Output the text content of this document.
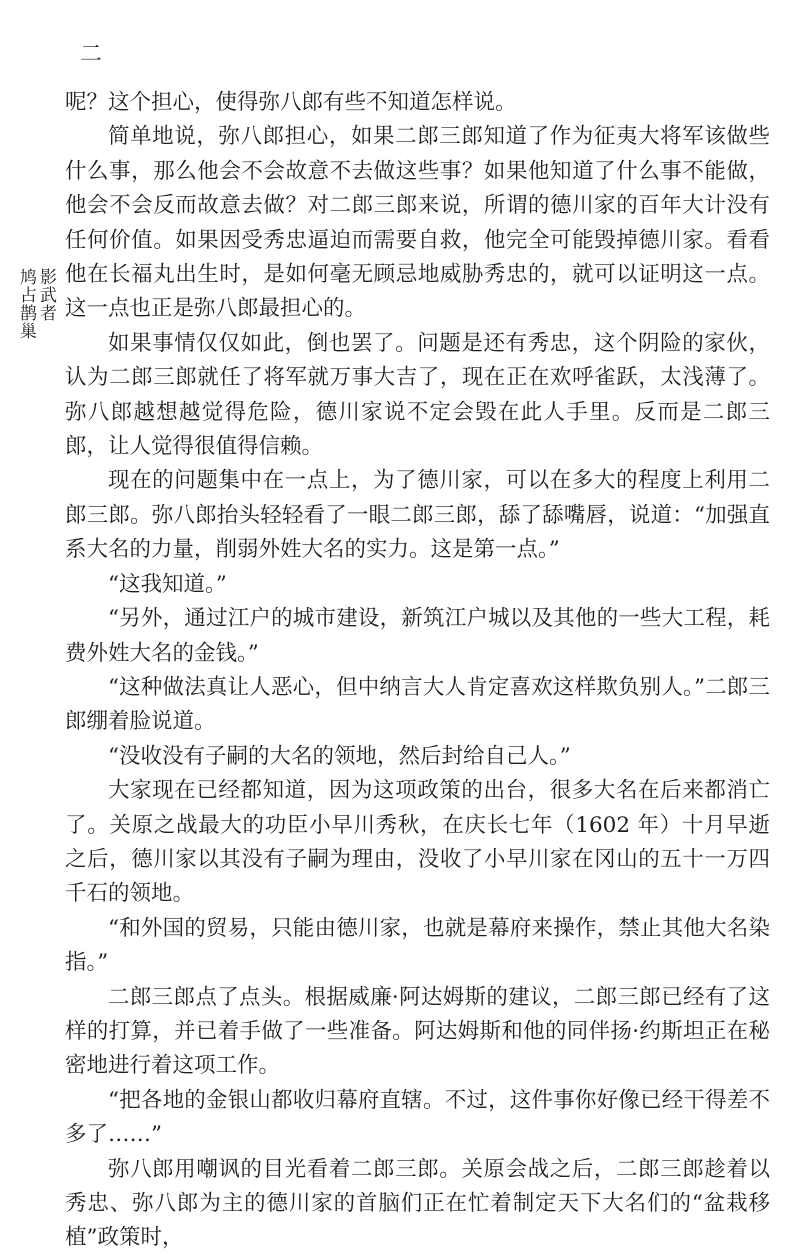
二
影武者
鸠占鹊巢

呢？这个担心，使得弥八郎有些不知道怎样说。

简单地说，弥八郎担心，如果二郎三郎知道了作为征夷大将军该做些什么事，那么他会不会故意不去做这些事？如果他知道了什么事不能做，他会不会反而故意去做？对二郎三郎来说，所谓的德川家的百年大计没有任何价值。如果因受秀忠逼迫而需要自救，他完全可能毁掉德川家。看看他在长福丸出生时，是如何毫无顾忌地威胁秀忠的，就可以证明这一点。这一点也正是弥八郎最担心的。

如果事情仅仅如此，倒也罢了。问题是还有秀忠，这个阴险的家伙，认为二郎三郎就任了将军就万事大吉了，现在正在欢呼雀跃，太浅薄了。弥八郎越想越觉得危险，德川家说不定会毁在此人手里。反而是二郎三郎，让人觉得很值得信赖。

现在的问题集中在一点上，为了德川家，可以在多大的程度上利用二郎三郎。弥八郎抬头轻轻看了一眼二郎三郎，舔了舔嘴唇，说道：“加强直系大名的力量，削弱外姓大名的实力。这是第一点。”

“这我知道。”

“另外，通过江户的城市建设，新筑江户城以及其他的一些大工程，耗费外姓大名的金钱。”

“这种做法真让人恶心，但中纳言大人肯定喜欢这样欺负别人。”二郎三郎绷着脸说道。

“没收没有子嗣的大名的领地，然后封给自己人。”

大家现在已经都知道，因为这项政策的出台，很多大名在后来都消亡了。关原之战最大的功臣小早川秀秋，在庆长七年（1602 年）十月早逝之后，德川家以其没有子嗣为理由，没收了小早川家在冈山的五十一万四千石的领地。

“和外国的贸易，只能由德川家，也就是幕府来操作，禁止其他大名染指。”

二郎三郎点了点头。根据威廉·阿达姆斯的建议，二郎三郎已经有了这样的打算，并已着手做了一些准备。阿达姆斯和他的同伴扬·约斯坦正在秘密地进行着这项工作。

“把各地的金银山都收归幕府直辖。不过，这件事你好像已经干得差不多了……”

弥八郎用嘲讽的目光看着二郎三郎。关原会战之后，二郎三郎趁着以秀忠、弥八郎为主的德川家的首脑们正在忙着制定天下大名们的“盆栽移植”政策时，
